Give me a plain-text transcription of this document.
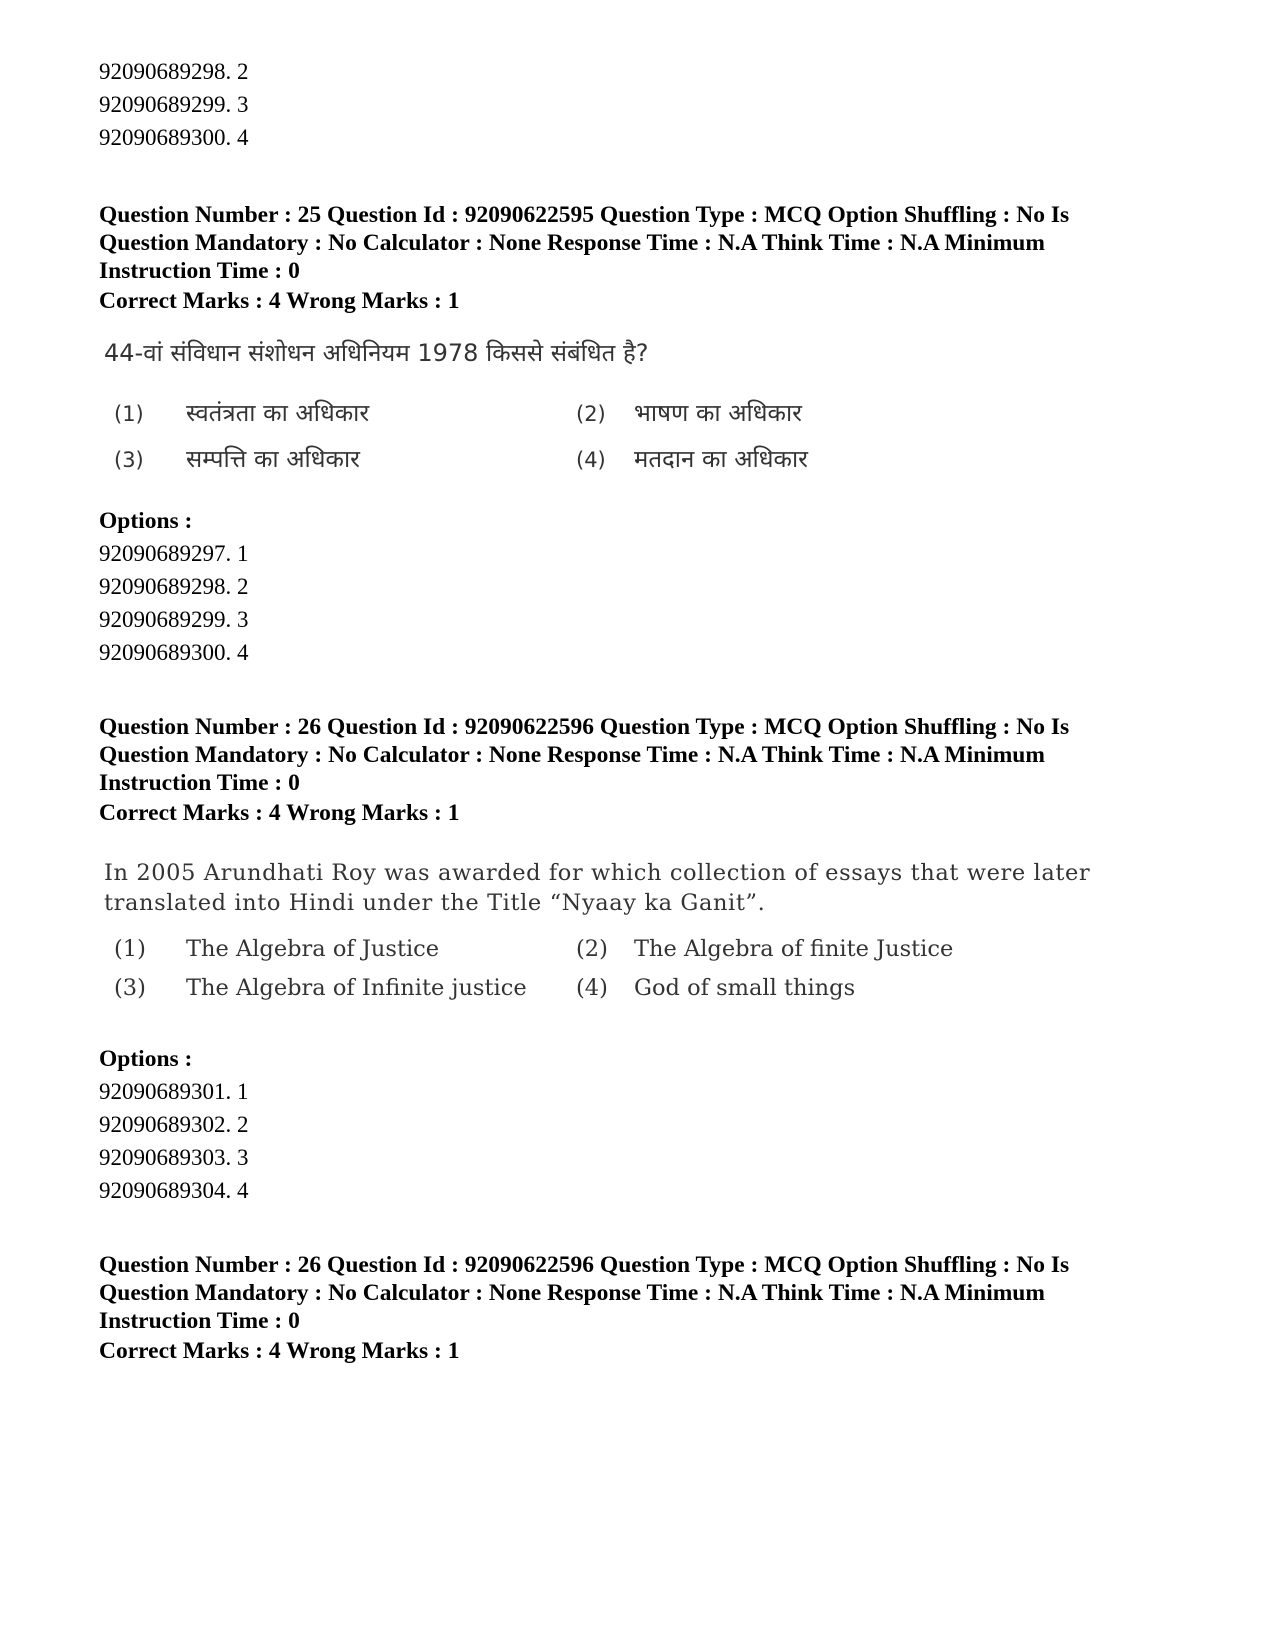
92090689298. 2
92090689299. 3
92090689300. 4

Question Number : 25 Question Id : 92090622595 Question Type : MCQ Option Shuffling : No Is

Question Mandatory : No Calculator : None Response Time : N.A Think Time : N.A Minimum

Instruction Time : 0

Correct Marks : 4 Wrong Marks : 1
44-वां संविधान संशोधन अधिनियम 1978 किससे संबंधित है?
(1) स्वतंत्रता का अधिकार	(2) भाषण का अधिकार
(3) सम्पत्ति का अधिकार	(4) मतदान का अधिकार
Options :
92090689297. 1
92090689298. 2
92090689299. 3
92090689300. 4

Question Number : 26 Question Id : 92090622596 Question Type : MCQ Option Shuffling : No Is

Question Mandatory : No Calculator : None Response Time : N.A Think Time : N.A Minimum

Instruction Time : 0

Correct Marks : 4 Wrong Marks : 1
In 2005 Arundhati Roy was awarded for which collection of essays that were later translated into Hindi under the Title “Nyaay ka Ganit”.
(1) The Algebra of Justice	(2) The Algebra of finite Justice
(3) The Algebra of Infinite justice (4) God of small things
Options :
92090689301. 1
92090689302. 2
92090689303. 3
92090689304. 4

Question Number : 26 Question Id : 92090622596 Question Type : MCQ Option Shuffling : No Is

Question Mandatory : No Calculator : None Response Time : N.A Think Time : N.A Minimum

Instruction Time : 0

Correct Marks : 4 Wrong Marks : 1
